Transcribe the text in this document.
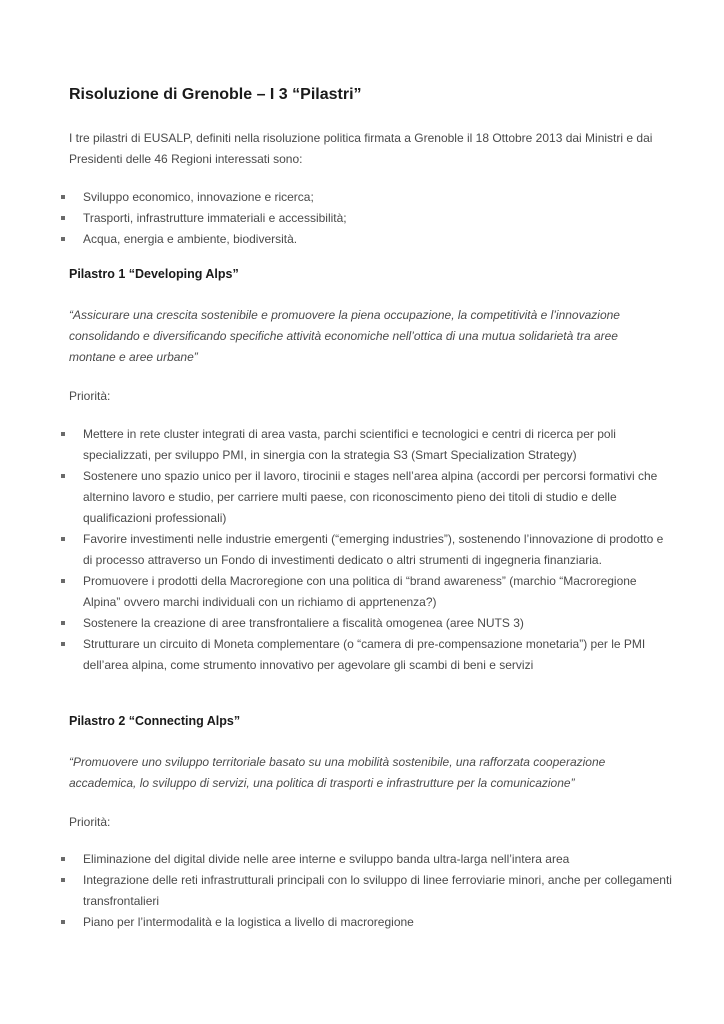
Risoluzione di Grenoble – I 3 “Pilastri”

I tre pilastri di EUSALP, definiti nella risoluzione politica firmata a Grenoble il 18 Ottobre 2013 dai Ministri e dai Presidenti delle 46 Regioni interessati sono:

Sviluppo economico, innovazione e ricerca;
Trasporti, infrastrutture immateriali e accessibilità;
Acqua, energia e ambiente, biodiversità.
Pilastro 1 “Developing Alps”

“Assicurare una crescita sostenibile e promuovere la piena occupazione, la competitività e l’innovazione consolidando e diversificando specifiche attività economiche nell’ottica di una mutua solidarietà tra aree montane e aree urbane”

Priorità:

Mettere in rete cluster integrati di area vasta, parchi scientifici e tecnologici e centri di ricerca per poli specializzati, per sviluppo PMI, in sinergia con la strategia S3 (Smart Specialization Strategy)
Sostenere uno spazio unico per il lavoro, tirocinii e stages nell’area alpina (accordi per percorsi formativi che alternino lavoro e studio, per carriere multi paese, con riconoscimento pieno dei titoli di studio e delle qualificazioni professionali)
Favorire investimenti nelle industrie emergenti (“emerging industries”), sostenendo l’innovazione di prodotto e di processo attraverso un Fondo di investimenti dedicato o altri strumenti di ingegneria finanziaria.
Promuovere i prodotti della Macroregione con una politica di “brand awareness” (marchio “Macroregione Alpina” ovvero marchi individuali con un richiamo di apprtenenza?)
Sostenere la creazione di aree transfrontaliere a fiscalità omogenea (aree NUTS 3)
Strutturare un circuito di Moneta complementare (o “camera di pre-compensazione monetaria”) per le PMI dell’area alpina, come strumento innovativo per agevolare gli scambi di beni e servizi
Pilastro 2 “Connecting Alps”

“Promuovere uno sviluppo territoriale basato su una mobilità sostenibile, una rafforzata cooperazione accademica, lo sviluppo di servizi, una politica di trasporti e infrastrutture per la comunicazione”

Priorità:

Eliminazione del digital divide nelle aree interne e sviluppo banda ultra-larga nell’intera area
Integrazione delle reti infrastrutturali principali con lo sviluppo di linee ferroviarie minori, anche per collegamenti transfrontalieri
Piano per l’intermodalità e la logistica a livello di macroregione
